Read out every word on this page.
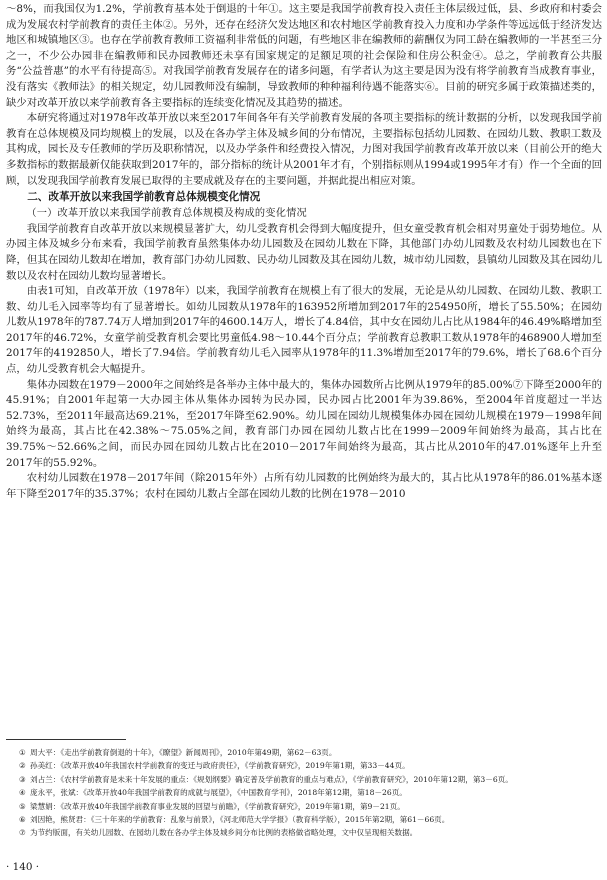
～8%，而我国仅为1.2%，学前教育基本处于倒退的十年①。这主要是我国学前教育投入责任主体层级过低，县、乡政府和村委会成为发展农村学前教育的责任主体②。另外，还存在经济欠发达地区和农村地区学前教育投入力度和办学条件等远远低于经济发达地区和城镇地区③。也存在学前教育教师工资福利非常低的问题，有些地区非在编教师的薪酬仅为同工龄在编教师的一半甚至三分之一，不少公办园非在编教师和民办园教师还未享有国家规定的足额足项的社会保险和住房公积金④。总之，学前教育公共服务“公益普惠”的水平有待提高⑤。对我国学前教育发展存在的诸多问题，有学者认为这主要是因为没有将学前教育当成教育事业，没有落实《教师法》的相关规定，幼儿园教师没有编制，导致教师的种种福利待遇不能落实⑥。目前的研究多属于政策描述类的，缺少对改革开放以来学前教育各主要指标的连续变化情况及其趋势的描述。

本研究将通过对1978年改革开放以来至2017年间各年有关学前教育发展的各项主要指标的统计数据的分析，以发现我国学前教育在总体规模及同均规模上的发展，以及在各办学主体及城乡间的分布情况，主要指标包括幼儿园数、在园幼儿数、教职工数及其构成，园长及专任教师的学历及职称情况，以及办学条件和经费投入情况，力图对我国学前教育改革开放以来（目前公开的绝大多数指标的数据最新仅能获取到2017年的，部分指标的统计从2001年才有，个别指标则从1994或1995年才有）作一个全面的回顾，以发现我国学前教育发展已取得的主要成就及存在的主要问题，并据此提出相应对策。

二、改革开放以来我国学前教育总体规模变化情况

（一）改革开放以来我国学前教育总体规模及构成的变化情况

我国学前教育自改革开放以来规模显著扩大，幼儿受教育机会得到大幅度提升，但女童受教育机会相对男童处于弱势地位。从办园主体及城乡分布来看，我国学前教育虽然集体办幼儿园数及在园幼儿数在下降，其他部门办幼儿园数及农村幼儿园数也在下降，但其在园幼儿数却在增加，教育部门办幼儿园数、民办幼儿园数及其在园幼儿数，城市幼儿园数，县镇幼儿园数及其在园幼儿数以及农村在园幼儿数均显著增长。

由表1可知，自改革开放（1978年）以来，我国学前教育在规模上有了很大的发展，无论是从幼儿园数、在园幼儿数、教职工数、幼儿毛入园率等均有了显著增长。如幼儿园数从1978年的163952所增加到2017年的254950所，增长了55.50%；在园幼儿数从1978年的787.74万人增加到2017年的4600.14万人，增长了4.84倍，其中女在园幼儿占比从1984年的46.49%略增加至2017年的46.72%，女童学前受教育机会要比男童低4.98～10.44个百分点；学前教育总教职工数从1978年的468900人增加至2017年的4192850人，增长了7.94倍。学前教育幼儿毛入园率从1978年的11.3%增加至2017年的79.6%，增长了68.6个百分点，幼儿受教育机会大幅提升。

集体办园数在1979－2000年之间始终是各举办主体中最大的，集体办园数所占比例从1979年的85.00%⑦下降至2000年的45.91%；自2001年起第一大办园主体从集体办园转为民办园，民办园占比2001年为39.86%，至2004年首度超过一半达52.73%，至2011年最高达69.21%，至2017年降至62.90%。幼儿园在园幼儿规模集体办园在园幼儿规模在1979－1998年间始终为最高，其占比在42.38%～75.05%之间，教育部门办园在园幼儿数占比在1999－2009年间始终为最高，其占比在39.75%～52.66%之间，而民办园在园幼儿数占比在2010－2017年间始终为最高，其占比从2010年的47.01%逐年上升至2017年的55.92%。

农村幼儿园数在1978－2017年间（除2015年外）占所有幼儿园数的比例始终为最大的，其占比从1978年的86.01%基本逐年下降至2017年的35.37%；农村在园幼儿数占全部在园幼儿数的比例在1978－2010

① 周大平：《走出学前教育倒退的十年》，《瞭望》新闻周刊》，2010年第49期，第62－63页。

② 孙美红：《改革开放40年我国农村学前教育的变迁与政府责任》，《学前教育研究》，2019年第1期，第33－44页。

③ 刘占兰：《农村学前教育是未来十年发展的重点：《规划纲要》确定普及学前教育的重点与难点》，《学前教育研究》，2010年第12期，第3－6页。

④ 庞永平，张斌：《改革开放40年我国学前教育的成就与展望》，《中国教育学刊》，2018年第12期，第18－26页。

⑤ 梁慧娟：《改革开放40年我国学前教育事业发展的回望与前瞻》，《学前教育研究》，2019年第1期，第9－21页。

⑥ 刘因艳，熊贤君：《三十年来的学前教育：乱象与前景》，《河北师范大学学报》（教育科学版），2015年第2期，第61－66页。

⑦ 为节约版面，有关幼儿园数、在园幼儿数在各办学主体及城乡间分布比例的表格做省略处理，文中仅呈现相关数据。

· 140 ·
